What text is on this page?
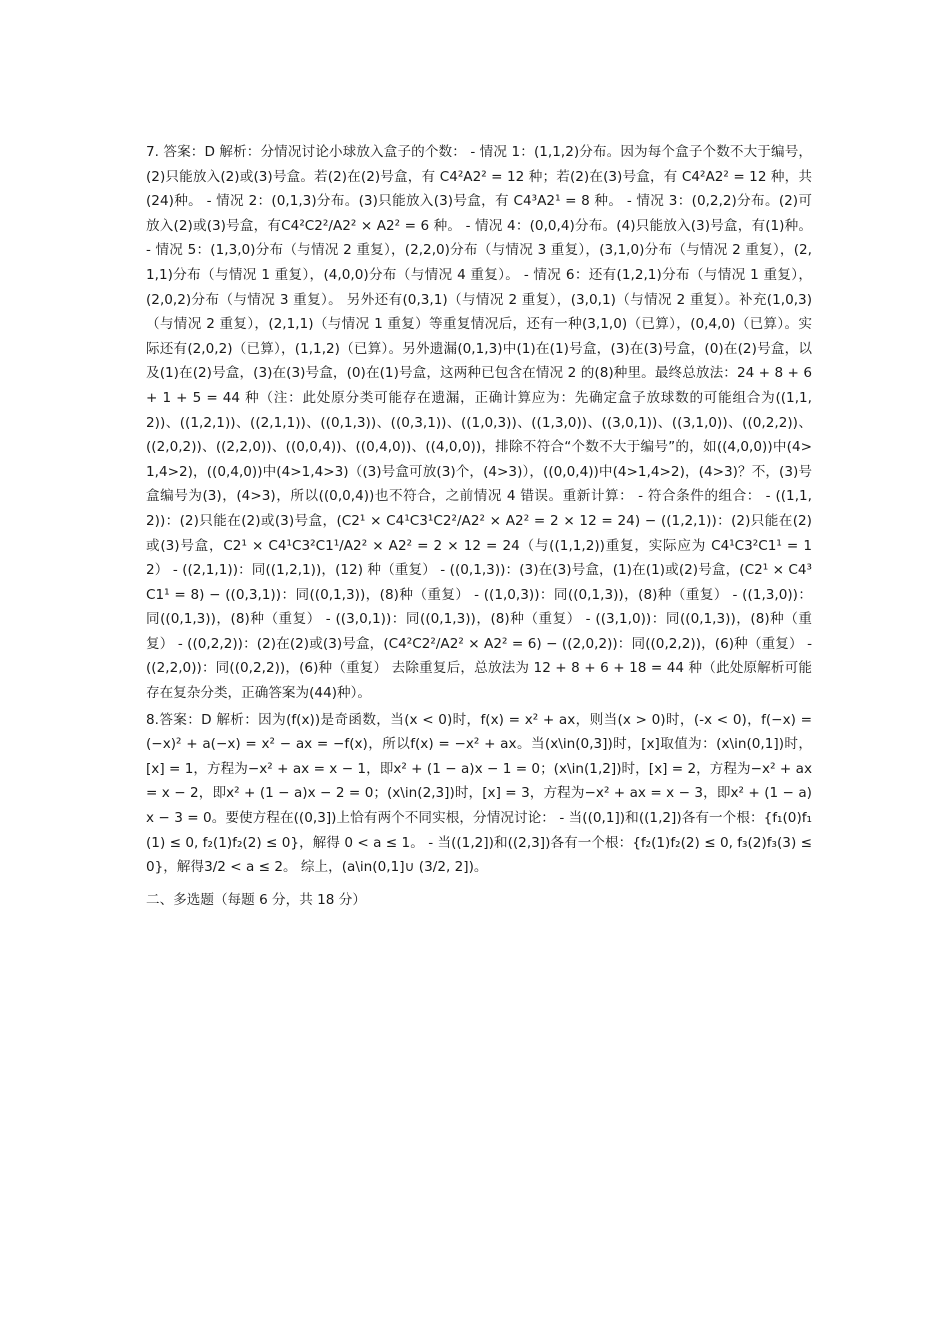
7. 答案：D 解析：分情况讨论小球放入盒子的个数： - 情况 1：(1,1,2)分布。因为每个盒子个数不大于编号，(2)只能放入(2)或(3)号盒。若(2)在(2)号盒，有 C4²A2² = 12 种；若(2)在(3)号盒，有 C4²A2² = 12 种，共(24)种。 - 情况 2：(0,1,3)分布。(3)只能放入(3)号盒，有 C4³A2¹ = 8 种。 - 情况 3：(0,2,2)分布。(2)可放入(2)或(3)号盒，有C4²C2²/A2² × A2² = 6 种。 - 情况 4：(0,0,4)分布。(4)只能放入(3)号盒，有(1)种。 - 情况 5：(1,3,0)分布（与情况 2 重复），(2,2,0)分布（与情况 3 重复），(3,1,0)分布（与情况 2 重复），(2,1,1)分布（与情况 1 重复），(4,0,0)分布（与情况 4 重复）。 - 情况 6：还有(1,2,1)分布（与情况 1 重复），(2,0,2)分布（与情况 3 重复）。 另外还有(0,3,1)（与情况 2 重复），(3,0,1)（与情况 2 重复）。补充(1,0,3)（与情况 2 重复），(2,1,1)（与情况 1 重复）等重复情况后，还有一种(3,1,0)（已算），(0,4,0)（已算）。实际还有(2,0,2)（已算），(1,1,2)（已算）。另外遗漏(0,1,3)中(1)在(1)号盒，(3)在(3)号盒，(0)在(2)号盒，以及(1)在(2)号盒，(3)在(3)号盒，(0)在(1)号盒，这两种已包含在情况 2 的(8)种里。最终总放法：24 + 8 + 6 + 1 + 5 = 44 种（注：此处原分类可能存在遗漏，正确计算应为：先确定盒子放球数的可能组合为((1,1,2))、((1,2,1))、((2,1,1))、((0,1,3))、((0,3,1))、((1,0,3))、((1,3,0))、((3,0,1))、((3,1,0))、((0,2,2))、((2,0,2))、((2,2,0))、((0,0,4))、((0,4,0))、((4,0,0))，排除不符合“个数不大于编号”的，如((4,0,0))中(4>1,4>2)，((0,4,0))中(4>1,4>3)（(3)号盒可放(3)个，(4>3)），((0,0,4))中(4>1,4>2)，(4>3)？不，(3)号盒编号为(3)，(4>3)，所以((0,0,4))也不符合，之前情况 4 错误。重新计算： - 符合条件的组合： - ((1,1,2))：(2)只能在(2)或(3)号盒，(C2¹ × C4¹C3¹C2²/A2² × A2² = 2 × 12 = 24) − ((1,2,1))：(2)只能在(2)或(3)号盒，C2¹ × C4¹C3²C1¹/A2² × A2² = 2 × 12 = 24（与((1,1,2))重复，实际应为 C4¹C3²C1¹ = 12） - ((2,1,1))：同((1,2,1))，(12) 种（重复） - ((0,1,3))：(3)在(3)号盒，(1)在(1)或(2)号盒，(C2¹ × C4³C1¹ = 8) − ((0,3,1))：同((0,1,3))，(8)种（重复） - ((1,0,3))：同((0,1,3))，(8)种（重复） - ((1,3,0))：同((0,1,3))，(8)种（重复） - ((3,0,1))：同((0,1,3))，(8)种（重复） - ((3,1,0))：同((0,1,3))，(8)种（重复） - ((0,2,2))：(2)在(2)或(3)号盒，(C4²C2²/A2² × A2² = 6) − ((2,0,2))：同((0,2,2))，(6)种（重复） - ((2,2,0))：同((0,2,2))，(6)种（重复） 去除重复后，总放法为 12 + 8 + 6 + 18 = 44 种（此处原解析可能存在复杂分类，正确答案为(44)种）。

8.答案：D 解析：因为(f(x))是奇函数，当(x < 0)时，f(x) = x² + ax，则当(x > 0)时，(-x < 0)，f(−x) = (−x)² + a(−x) = x² − ax = −f(x)，所以f(x) = −x² + ax。当(x\in(0,3])时，[x]取值为：(x\in(0,1])时，[x] = 1，方程为−x² + ax = x − 1，即x² + (1 − a)x − 1 = 0；(x\in(1,2])时，[x] = 2，方程为−x² + ax = x − 2，即x² + (1 − a)x − 2 = 0；(x\in(2,3])时，[x] = 3，方程为−x² + ax = x − 3，即x² + (1 − a)x − 3 = 0。要使方程在((0,3])上恰有两个不同实根，分情况讨论： - 当((0,1])和((1,2])各有一个根：{f₁(0)f₁(1) ≤ 0, f₂(1)f₂(2) ≤ 0}，解得 0 < a ≤ 1。 - 当((1,2])和((2,3])各有一个根：{f₂(1)f₂(2) ≤ 0, f₃(2)f₃(3) ≤ 0}，解得3/2 < a ≤ 2。 综上，(a\in(0,1]∪ (3/2, 2])。

二、多选题（每题 6 分，共 18 分）
